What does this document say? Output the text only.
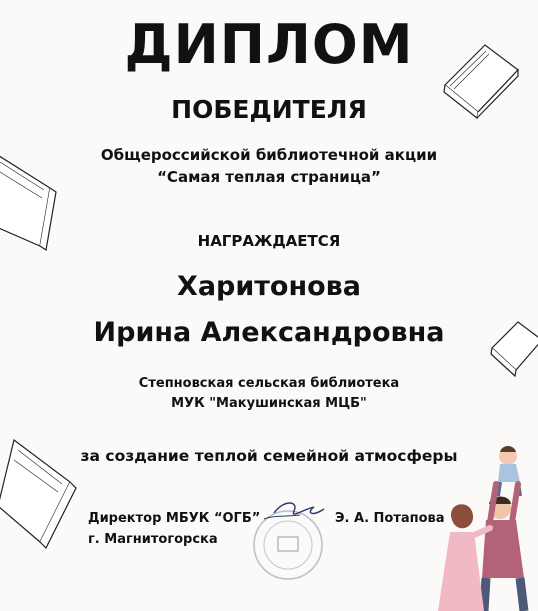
ДИПЛОМ
ПОБЕДИТЕЛЯ
Общероссийской библиотечной акции
“Самая теплая страница”
НАГРАЖДАЕТСЯ
Харитонова
Ирина Александровна
Степновская сельская библиотека
МУК "Макушинская МЦБ"
за создание теплой семейной атмосферы
Директор МБУК “ОГБ”
г. Магнитогорска
Э. А. Потапова
